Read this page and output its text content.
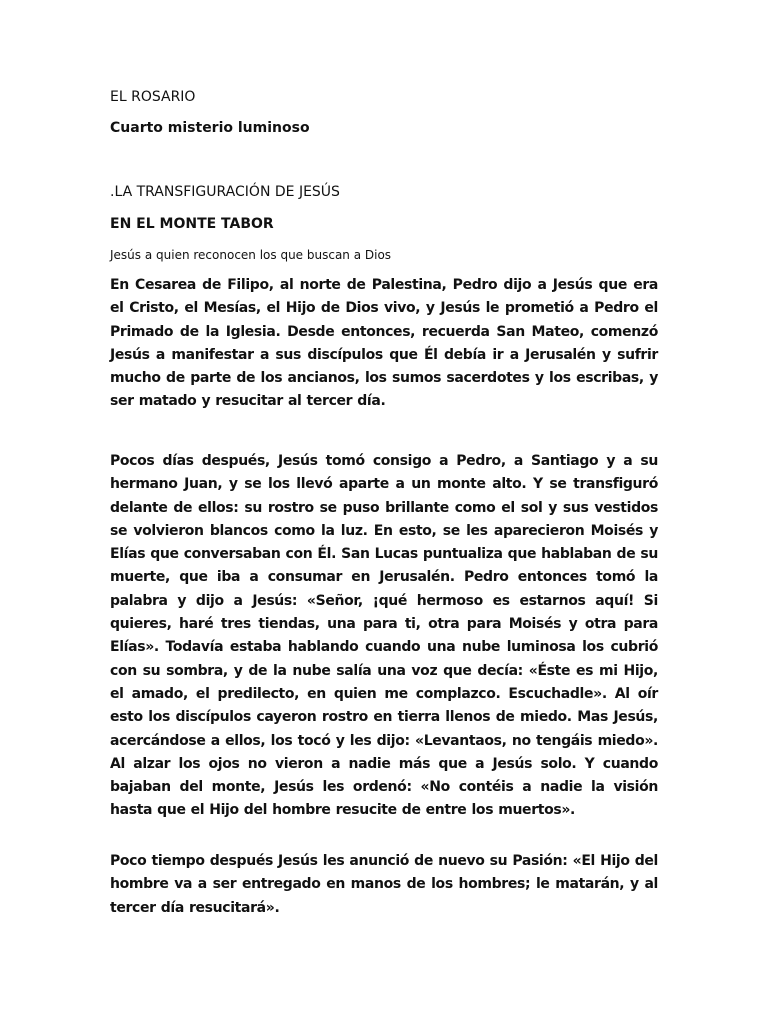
EL ROSARIO

Cuarto misterio luminoso

.LA TRANSFIGURACIÓN DE JESÚS

EN EL MONTE TABOR

Jesús a quien reconocen los que buscan a Dios

En Cesarea de Filipo, al norte de Palestina, Pedro dijo a Jesús que era el Cristo, el Mesías, el Hijo de Dios vivo, y Jesús le prometió a Pedro el Primado de la Iglesia. Desde entonces, recuerda San Mateo, comenzó Jesús a manifestar a sus discípulos que Él debía ir a Jerusalén y sufrir mucho de parte de los ancianos, los sumos sacerdotes y los escribas, y ser matado y resucitar al tercer día.

Pocos días después, Jesús tomó consigo a Pedro, a Santiago y a su hermano Juan, y se los llevó aparte a un monte alto. Y se transfiguró delante de ellos: su rostro se puso brillante como el sol y sus vestidos se volvieron blancos como la luz. En esto, se les aparecieron Moisés y Elías que conversaban con Él. San Lucas puntualiza que hablaban de su muerte, que iba a consumar en Jerusalén. Pedro entonces tomó la palabra y dijo a Jesús: «Señor, ¡qué hermoso es estarnos aquí! Si quieres, haré tres tiendas, una para ti, otra para Moisés y otra para Elías». Todavía estaba hablando cuando una nube luminosa los cubrió con su sombra, y de la nube salía una voz que decía: «Éste es mi Hijo, el amado, el predilecto, en quien me complazco. Escuchadle». Al oír esto los discípulos cayeron rostro en tierra llenos de miedo. Mas Jesús, acercándose a ellos, los tocó y les dijo: «Levantaos, no tengáis miedo». Al alzar los ojos no vieron a nadie más que a Jesús solo. Y cuando bajaban del monte, Jesús les ordenó: «No contéis a nadie la visión hasta que el Hijo del hombre resucite de entre los muertos».

Poco tiempo después Jesús les anunció de nuevo su Pasión: «El Hijo del hombre va a ser entregado en manos de los hombres; le matarán, y al tercer día resucitará».
